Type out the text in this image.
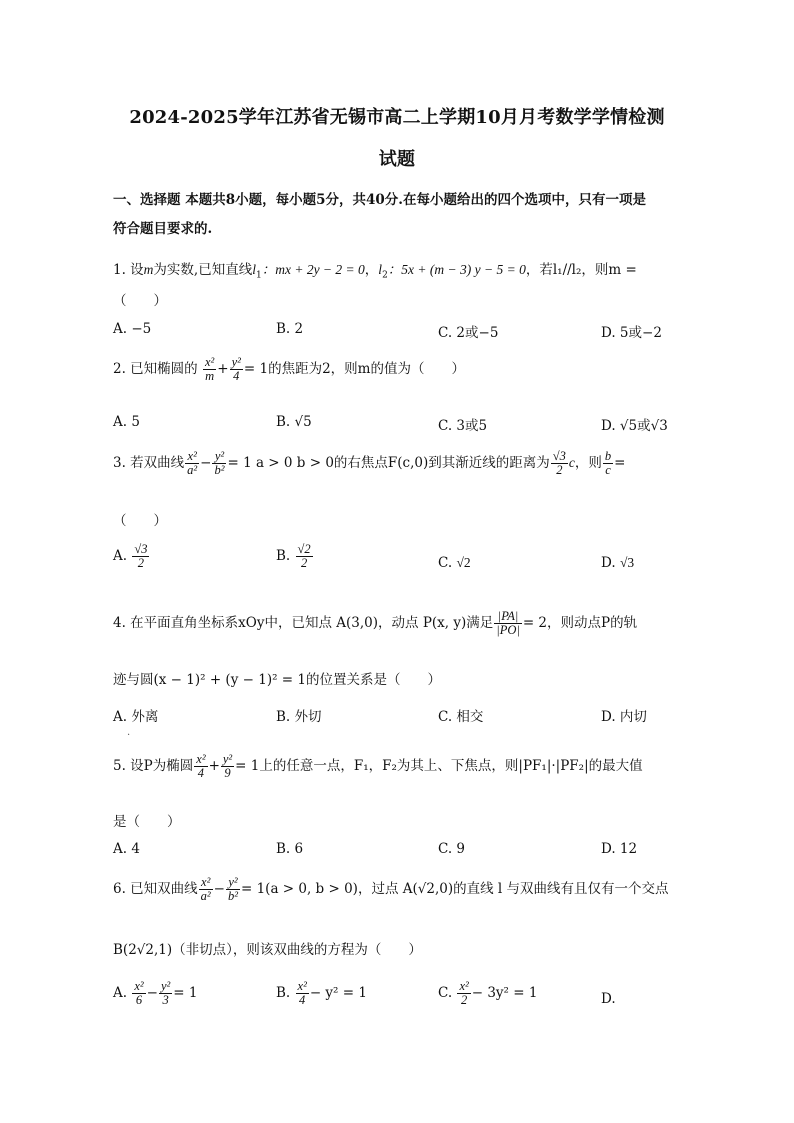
2024-2025学年江苏省无锡市高二上学期10月月考数学学情检测
试题
一、选择题 本题共8小题，每小题5分，共40分.在每小题给出的四个选项中，只有一项是
符合题目要求的.
1. 设m为实数,已知直线$l_1$：mx + 2y − 2 = 0，$l_2$：5x + (m − 3) y − 5 = 0，若l₁//l₂，则m =
（　　）
A. −5	B. 2	C. 2或−5	D. 5或−2
2. 已知椭圆的 $\frac{\text{x²}}{m} + \frac{\text{y²}}{4} = 1$的焦距为2，则m的值为（　　）
A. 5	B. √5	C. 3或5	D. √5或√3
3. 若双曲线 $\frac{\text{x²}}{\text{a²}} - \frac{\text{y²}}{\text{b²}} = 1$ a > 0 b > 0的右焦点F(c,0)到其渐近线的距离为 $\frac{√3}{2}$ c，则 $\frac{b}{c}$ =
（　　）
A. $\frac{√3}{2}$	B. $\frac{√2}{2}$	C. √2	D. √3
4. 在平面直角坐标系xOy中，已知点 A(3,0)，动点 P(x, y)满足 $\frac{|PA|}{|PO|} = 2$，则动点P的轨
迹与圆(x − 1)² + (y − 1)² = 1的位置关系是（　　）
A. 外离	B. 外切	C. 相交	D. 内切
.
5. 设P为椭圆 $\frac{\text{x²}}{4} + \frac{\text{y²}}{9} = 1$上的任意一点，F₁，F₂为其上、下焦点，则|PF₁|·|PF₂|的最大值
是（　　）
A. 4	B. 6	C. 9	D. 12
6. 已知双曲线 $\frac{\text{x²}}{\text{a²}} - \frac{\text{y²}}{\text{b²}} = 1(a > 0$, b > 0)，过点 A(√2,0)的直线 l 与双曲线有且仅有一个交点
B(2√2,1)（非切点），则该双曲线的方程为（　　）
A. $\frac{\text{x²}}{6} - \frac{\text{y²}}{3} = 1$	B. $\frac{\text{x²}}{4} - y^2 = 1$	C. $\frac{\text{x²}}{2} - 3y^2 = 1$	D.
